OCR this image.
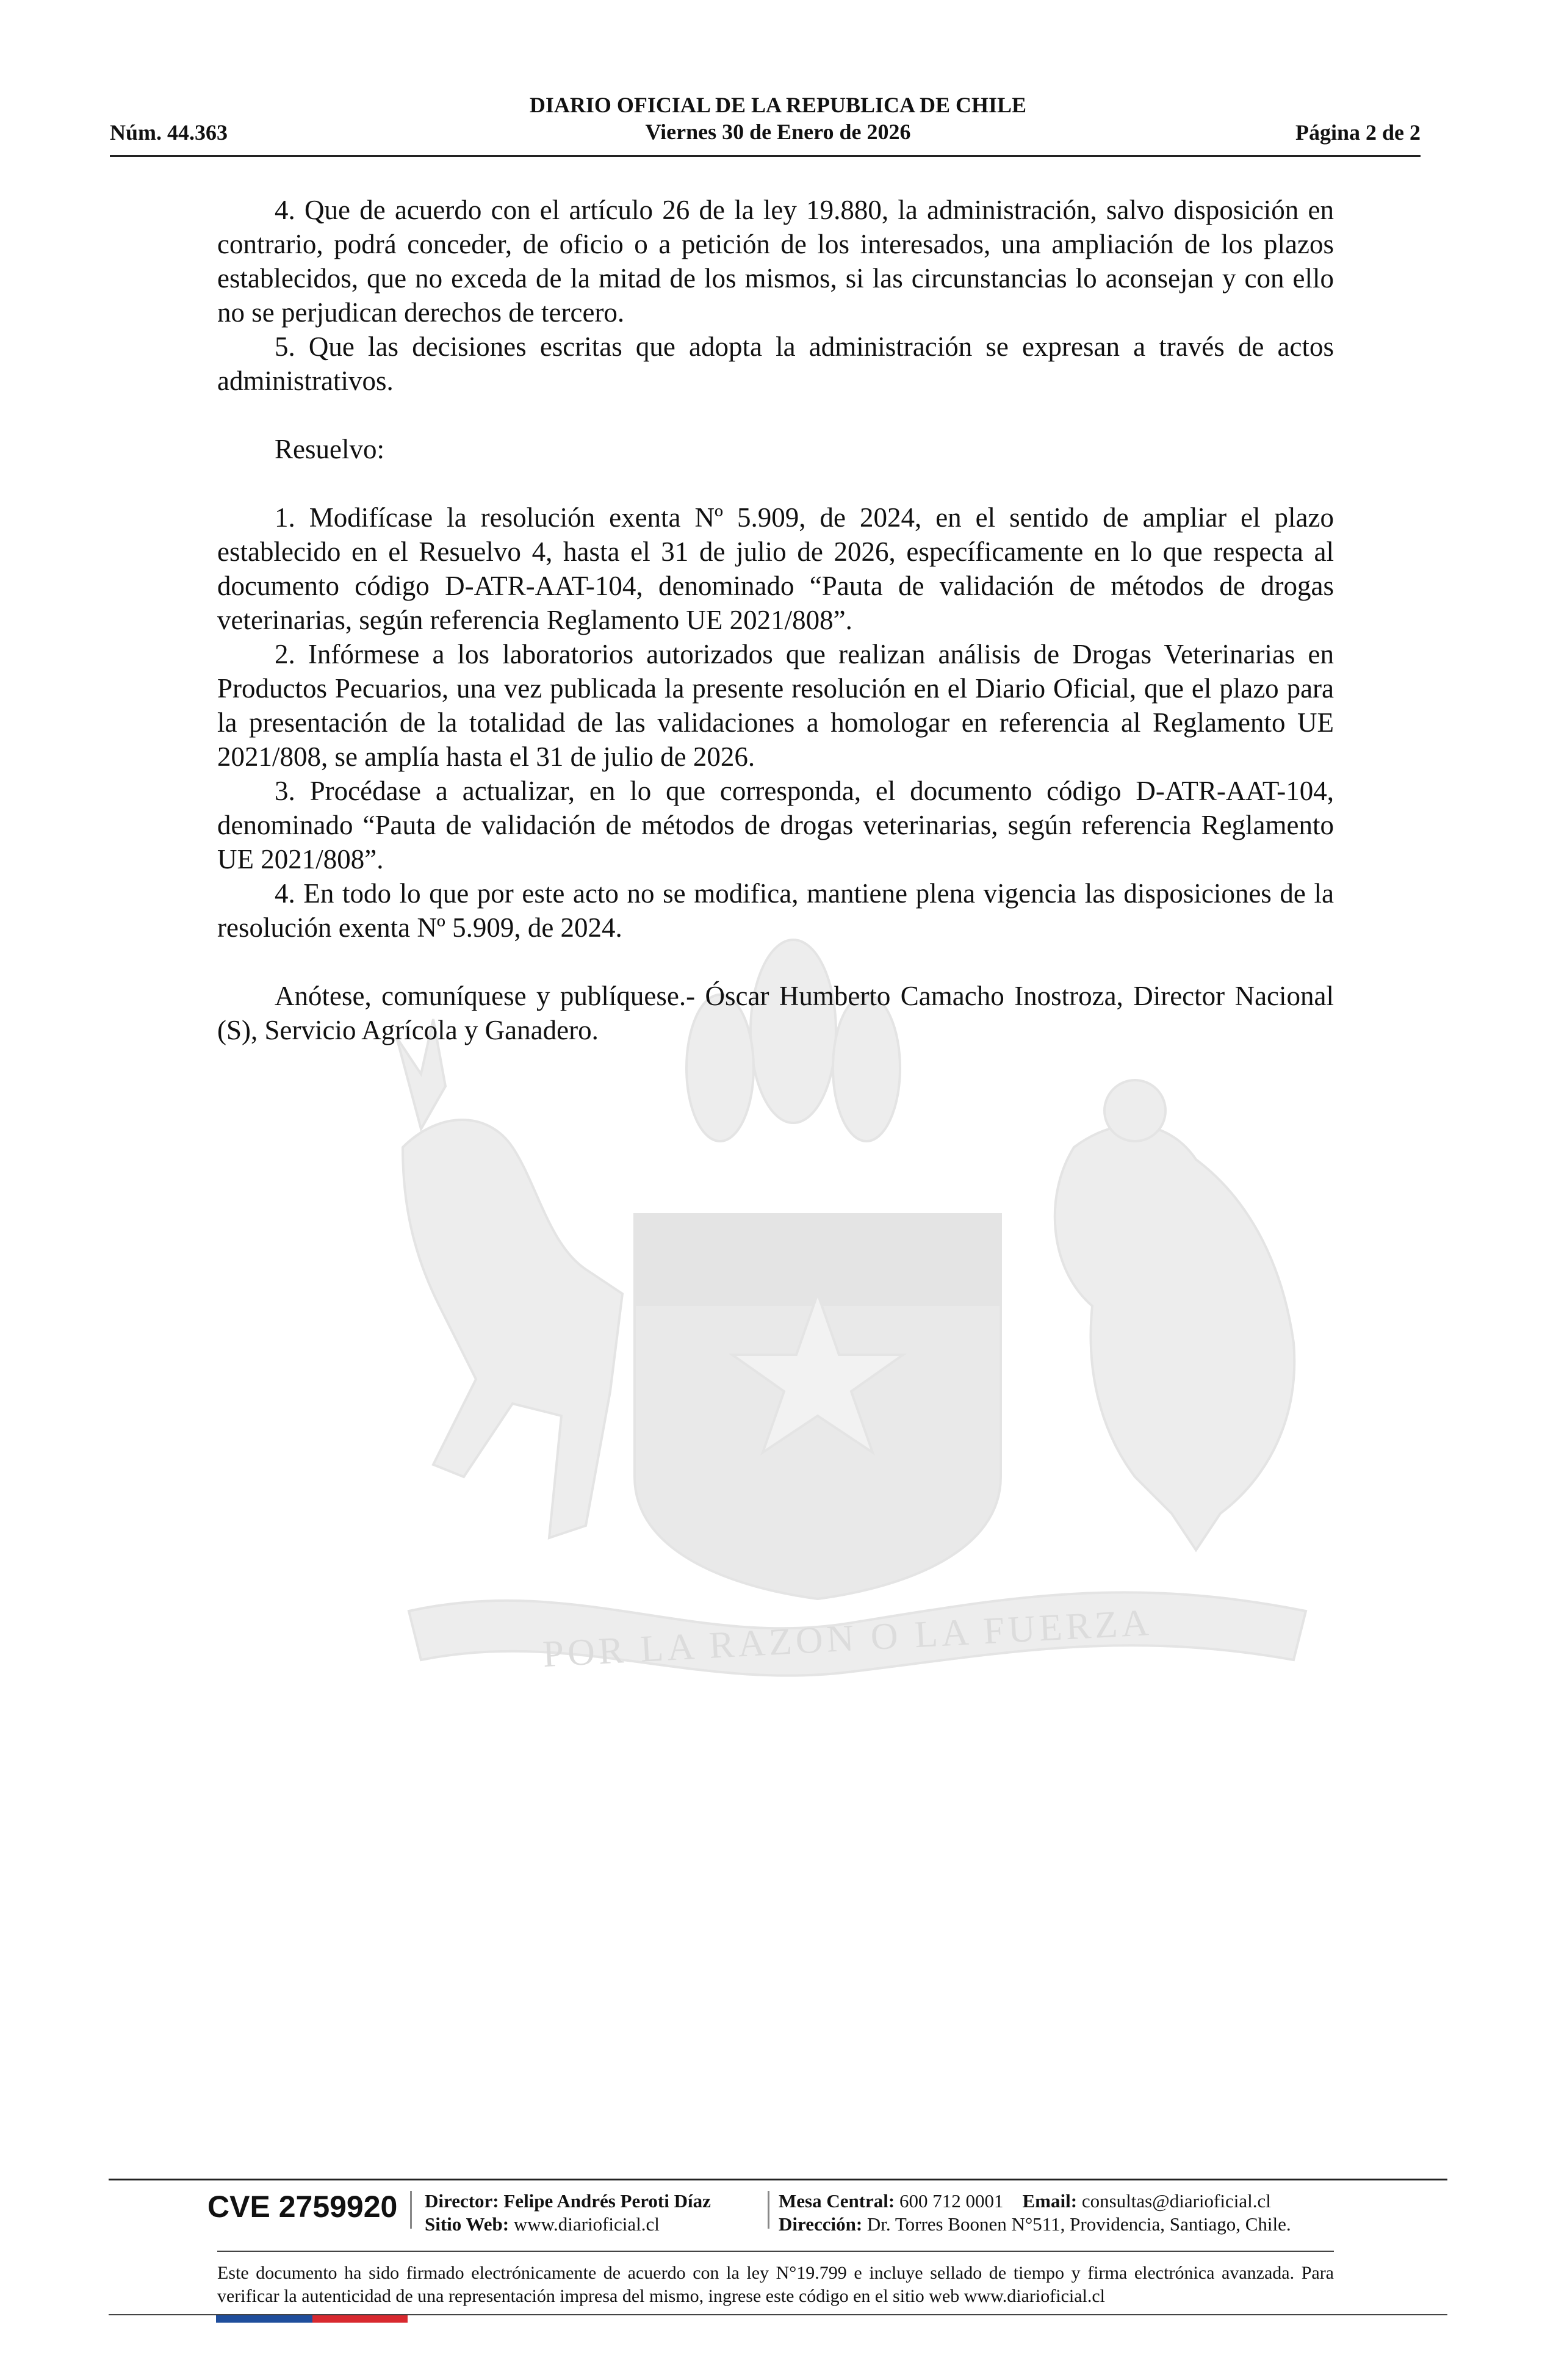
DIARIO OFICIAL DE LA REPUBLICA DE CHILE
Viernes 30 de Enero de 2026
Núm. 44.363	Página 2 de 2
POR LA RAZON O LA FUERZA

4. Que de acuerdo con el artículo 26 de la ley 19.880, la administración, salvo disposición en contrario, podrá conceder, de oficio o a petición de los interesados, una ampliación de los plazos establecidos, que no exceda de la mitad de los mismos, si las circunstancias lo aconsejan y con ello no se perjudican derechos de tercero.

5. Que las decisiones escritas que adopta la administración se expresan a través de actos administrativos.

Resuelvo:

1. Modifícase la resolución exenta Nº 5.909, de 2024, en el sentido de ampliar el plazo establecido en el Resuelvo 4, hasta el 31 de julio de 2026, específicamente en lo que respecta al documento código D-ATR-AAT-104, denominado “Pauta de validación de métodos de drogas veterinarias, según referencia Reglamento UE 2021/808”.

2. Infórmese a los laboratorios autorizados que realizan análisis de Drogas Veterinarias en Productos Pecuarios, una vez publicada la presente resolución en el Diario Oficial, que el plazo para la presentación de la totalidad de las validaciones a homologar en referencia al Reglamento UE 2021/808, se amplía hasta el 31 de julio de 2026.

3. Procédase a actualizar, en lo que corresponda, el documento código D-ATR-AAT-104, denominado “Pauta de validación de métodos de drogas veterinarias, según referencia Reglamento UE 2021/808”.

4. En todo lo que por este acto no se modifica, mantiene plena vigencia las disposiciones de la resolución exenta Nº 5.909, de 2024.

Anótese, comuníquese y publíquese.- Óscar Humberto Camacho Inostroza, Director Nacional (S), Servicio Agrícola y Ganadero.

CVE 2759920 Director: Felipe Andrés Peroti Díaz
Sitio Web: www.diarioficial.cl
Mesa Central: 600 712 0001 Email: consultas@diarioficial.cl
Dirección: Dr. Torres Boonen N°511, Providencia, Santiago, Chile.
Este documento ha sido firmado electrónicamente de acuerdo con la ley N°19.799 e incluye sellado de tiempo y firma electrónica avanzada. Para verificar la autenticidad de una representación impresa del mismo, ingrese este código en el sitio web www.diarioficial.cl
